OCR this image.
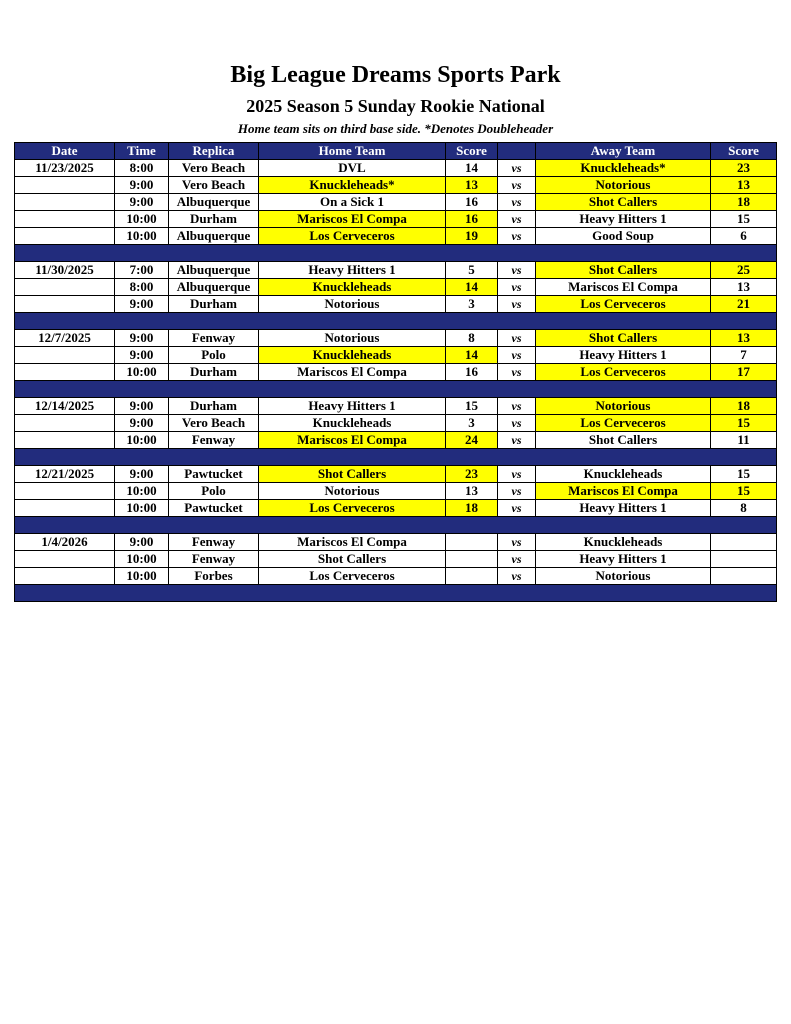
Big League Dreams Sports Park
2025 Season 5 Sunday Rookie National
Home team sits on third base side. *Denotes Doubleheader
Date	Time	Replica	Home Team	Score		Away Team	Score
11/23/2025	8:00	Vero Beach	DVL	14	vs	Knuckleheads*	23
	9:00	Vero Beach	Knuckleheads*	13	vs	Notorious	13
	9:00	Albuquerque	On a Sick 1	16	vs	Shot Callers	18
	10:00	Durham	Mariscos El Compa	16	vs	Heavy Hitters 1	15
	10:00	Albuquerque	Los Cerveceros	19	vs	Good Soup	6

11/30/2025	7:00	Albuquerque	Heavy Hitters 1	5	vs	Shot Callers	25
	8:00	Albuquerque	Knuckleheads	14	vs	Mariscos El Compa	13
	9:00	Durham	Notorious	3	vs	Los Cerveceros	21

12/7/2025	9:00	Fenway	Notorious	8	vs	Shot Callers	13
	9:00	Polo	Knuckleheads	14	vs	Heavy Hitters 1	7
	10:00	Durham	Mariscos El Compa	16	vs	Los Cerveceros	17

12/14/2025	9:00	Durham	Heavy Hitters 1	15	vs	Notorious	18
	9:00	Vero Beach	Knuckleheads	3	vs	Los Cerveceros	15
	10:00	Fenway	Mariscos El Compa	24	vs	Shot Callers	11

12/21/2025	9:00	Pawtucket	Shot Callers	23	vs	Knuckleheads	15
	10:00	Polo	Notorious	13	vs	Mariscos El Compa	15
	10:00	Pawtucket	Los Cerveceros	18	vs	Heavy Hitters 1	8

1/4/2026	9:00	Fenway	Mariscos El Compa		vs	Knuckleheads	
	10:00	Fenway	Shot Callers		vs	Heavy Hitters 1	
	10:00	Forbes	Los Cerveceros		vs	Notorious	
